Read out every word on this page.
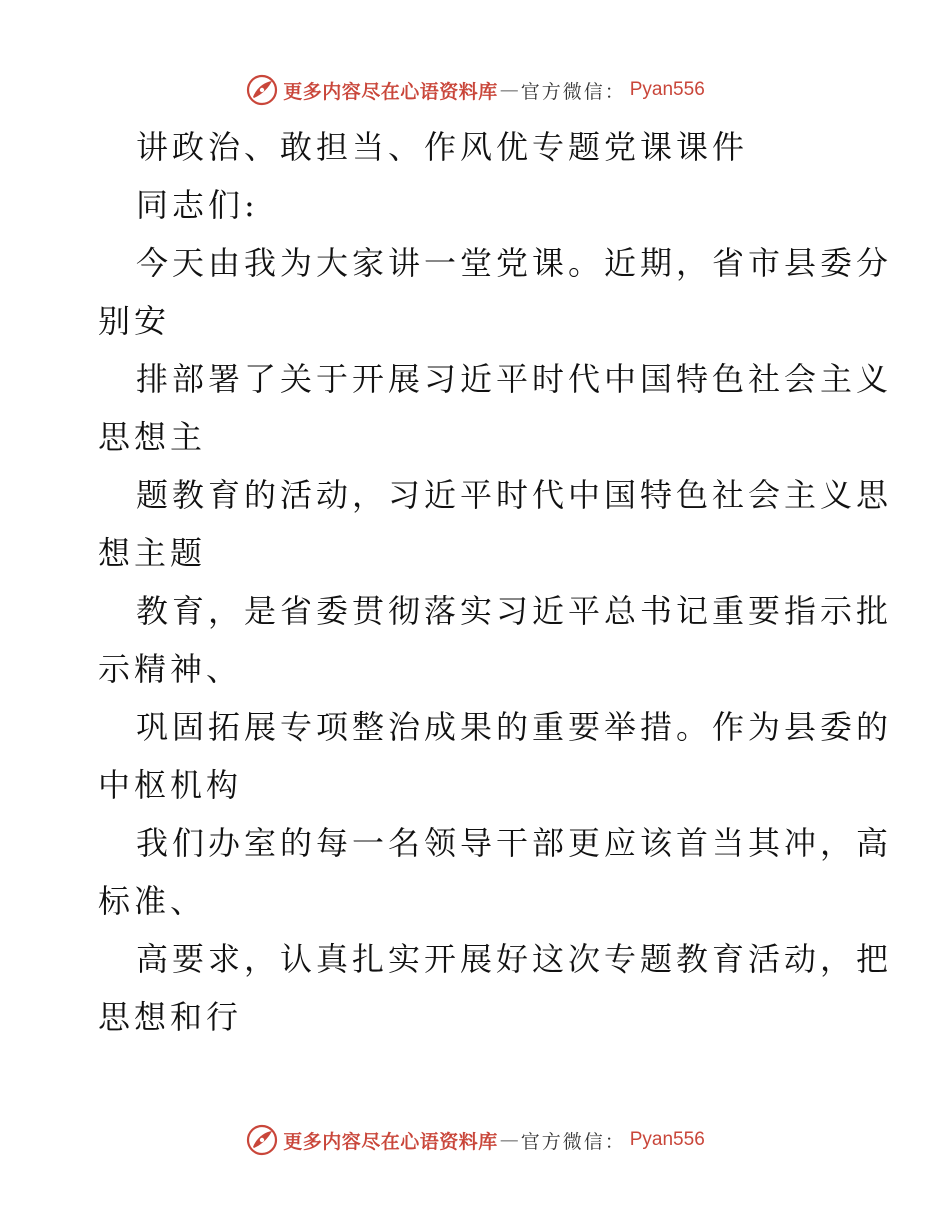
更多内容尽在心语资料库 — 官方微信： Pyan556
讲政治、敢担当、作风优专题党课课件
同志们:
今天由我为大家讲一堂党课。近期，省市县委分
别安
排部署了关于开展习近平时代中国特色社会主义
思想主
题教育的活动，习近平时代中国特色社会主义思
想主题
教育，是省委贯彻落实习近平总书记重要指示批
示精神、
巩固拓展专项整治成果的重要举措。作为县委的
中枢机构
我们办室的每一名领导干部更应该首当其冲，高
标准、
高要求，认真扎实开展好这次专题教育活动，把
思想和行
更多内容尽在心语资料库 — 官方微信： Pyan556
